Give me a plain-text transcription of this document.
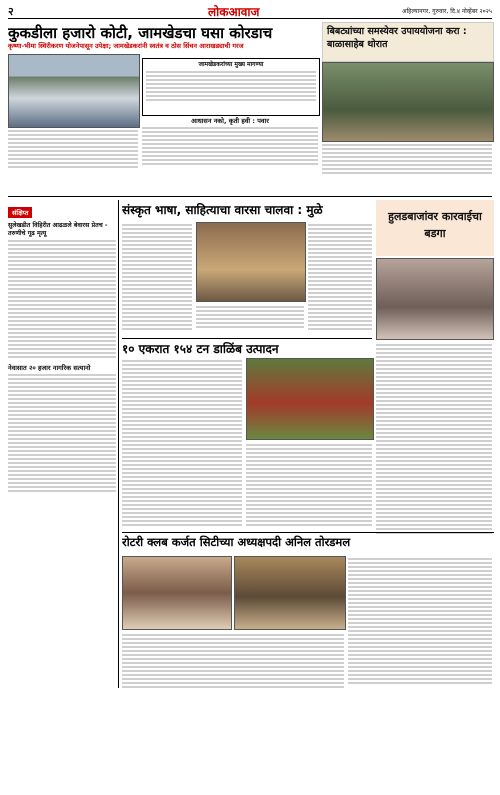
२	लोकआवाज	अहिल्यानगर, गुरुवार, दि.४ नोव्हेंबर २०२५
कुकडीला हजारो कोटी, जामखेडचा घसा कोरडाच
कृष्णा-भीमा स्थिरीकरण योजनेपासून उपेक्षा; जामखेडकरांनी स्वतंत्र व ठोस सिंचन आराखड्याची गरज
जामखेडकरांच्या मुख्य मागण्या
आधासन नको, कृती हवी : पवार
बिबट्यांच्या समस्येवर उपाययोजना करा : बाळासाहेब थोरात
संक्षिप्त
सुलेखडीत विहिरीत आढळले बेवारस प्रेतच - तरुणीचे गूढ मृत्यू
नेवासात २० हजार नागरिक सत्यानो
संस्कृत भाषा, साहित्याचा वारसा चालवा : मुळे	हुलडबाजांवर कारवाईचा बडगा
१० एकरात १५४ टन डाळिंब उत्पादन
रोटरी क्लब कर्जत सिटीच्या अध्यक्षपदी अनिल तोरडमल
